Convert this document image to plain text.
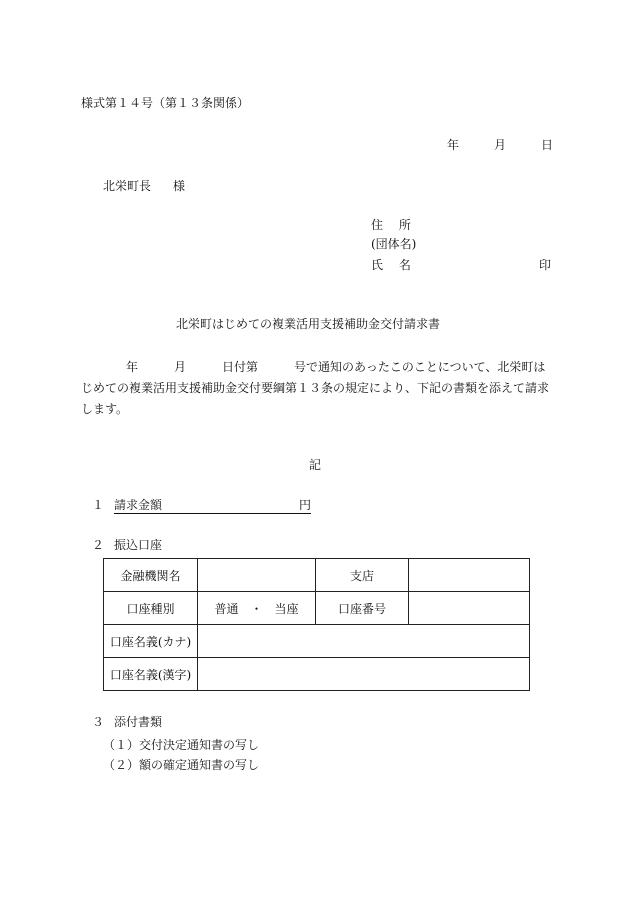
様式第１４号（第１３条関係）
年	月	日
北栄町長 様
住　 所
(団体名)
氏　 名	印
北栄町はじめての複業活用支援補助金交付請求書
年　　　月　　　日付第　　　号で通知のあったこのことについて、北栄町はじめての複業活用支援補助金交付要綱第１３条の規定により、下記の書類を添えて請求します。
記
１ 請求金額	円
２ 振込口座
金融機関名		支店	
口座種別	普通　・　当座	口座番号	
口座名義(カナ)			
口座名義(漢字)			
３ 添付書類
（１）交付決定通知書の写し
（２）額の確定通知書の写し
